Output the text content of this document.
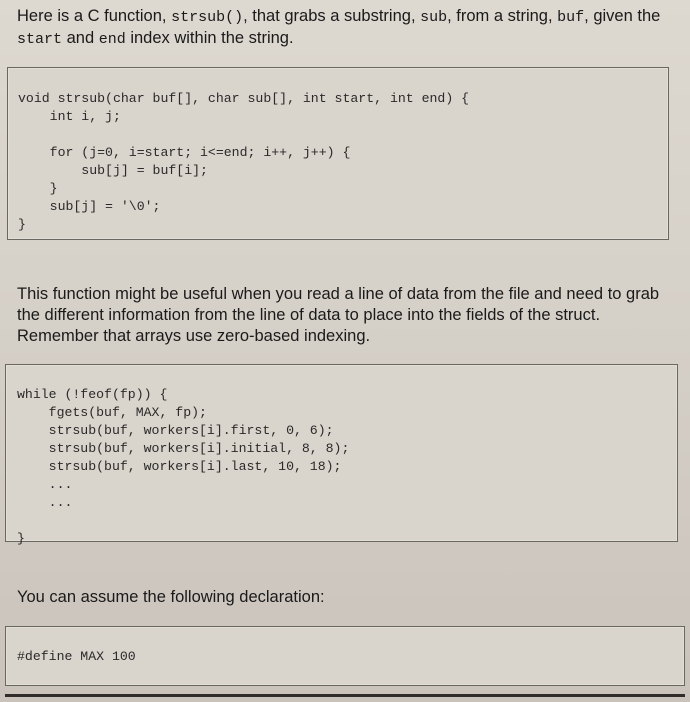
Here is a C function, strsub(), that grabs a substring, sub, from a string, buf, given the start and end index within the string.

void strsub(char buf[], char sub[], int start, int end) {
int i, j;

for (j=0, i=start; i<=end; i++, j++) {
sub[j] = buf[i];
}
sub[j] = '\0';
}

This function might be useful when you read a line of data from the file and need to grab the different information from the line of data to place into the fields of the struct. Remember that arrays use zero-based indexing.

while (!feof(fp)) {
fgets(buf, MAX, fp);
strsub(buf, workers[i].first, 0, 6);
strsub(buf, workers[i].initial, 8, 8);
strsub(buf, workers[i].last, 10, 18);
...
...

}

You can assume the following declaration:

#define MAX 100
